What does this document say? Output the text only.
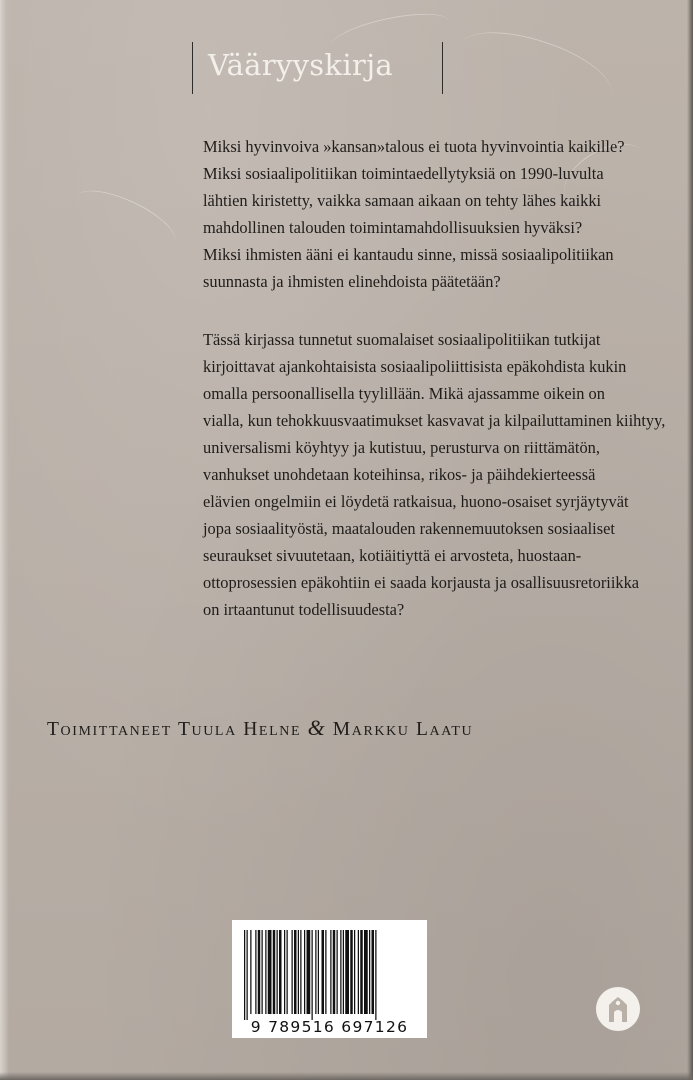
Vääryyskirja

Miksi hyvinvoiva »kansan»talous ei tuota hyvinvointia kaikille?
Miksi sosiaalipolitiikan toimintaedellytyksiä on 1990-luvulta
lähtien kiristetty, vaikka samaan aikaan on tehty lähes kaikki
mahdollinen talouden toimintamahdollisuuksien hyväksi?
Miksi ihmisten ääni ei kantaudu sinne, missä sosiaalipolitiikan
suunnasta ja ihmisten elinehdoista päätetään?

Tässä kirjassa tunnetut suomalaiset sosiaalipolitiikan tutkijat
kirjoittavat ajankohtaisista sosiaalipoliittisista epäkohdista kukin
omalla persoonallisella tyylillään. Mikä ajassamme oikein on
vialla, kun tehokkuusvaatimukset kasvavat ja kilpailuttaminen kiihtyy,
universalismi köyhtyy ja kutistuu, perusturva on riittämätön,
vanhukset unohdetaan koteihinsa, rikos- ja päihdekierteessä
elävien ongelmiin ei löydetä ratkaisua, huono-osaiset syrjäytyvät
jopa sosiaalityöstä, maatalouden rakennemuutoksen sosiaaliset
seuraukset sivuutetaan, kotiäitiyttä ei arvosteta, huostaan-
ottoprosessien epäkohtiin ei saada korjausta ja osallisuusretoriikka
on irtaantunut todellisuudesta?

Toimittaneet Tuula Helne & Markku Laatu

9 789516 697126
